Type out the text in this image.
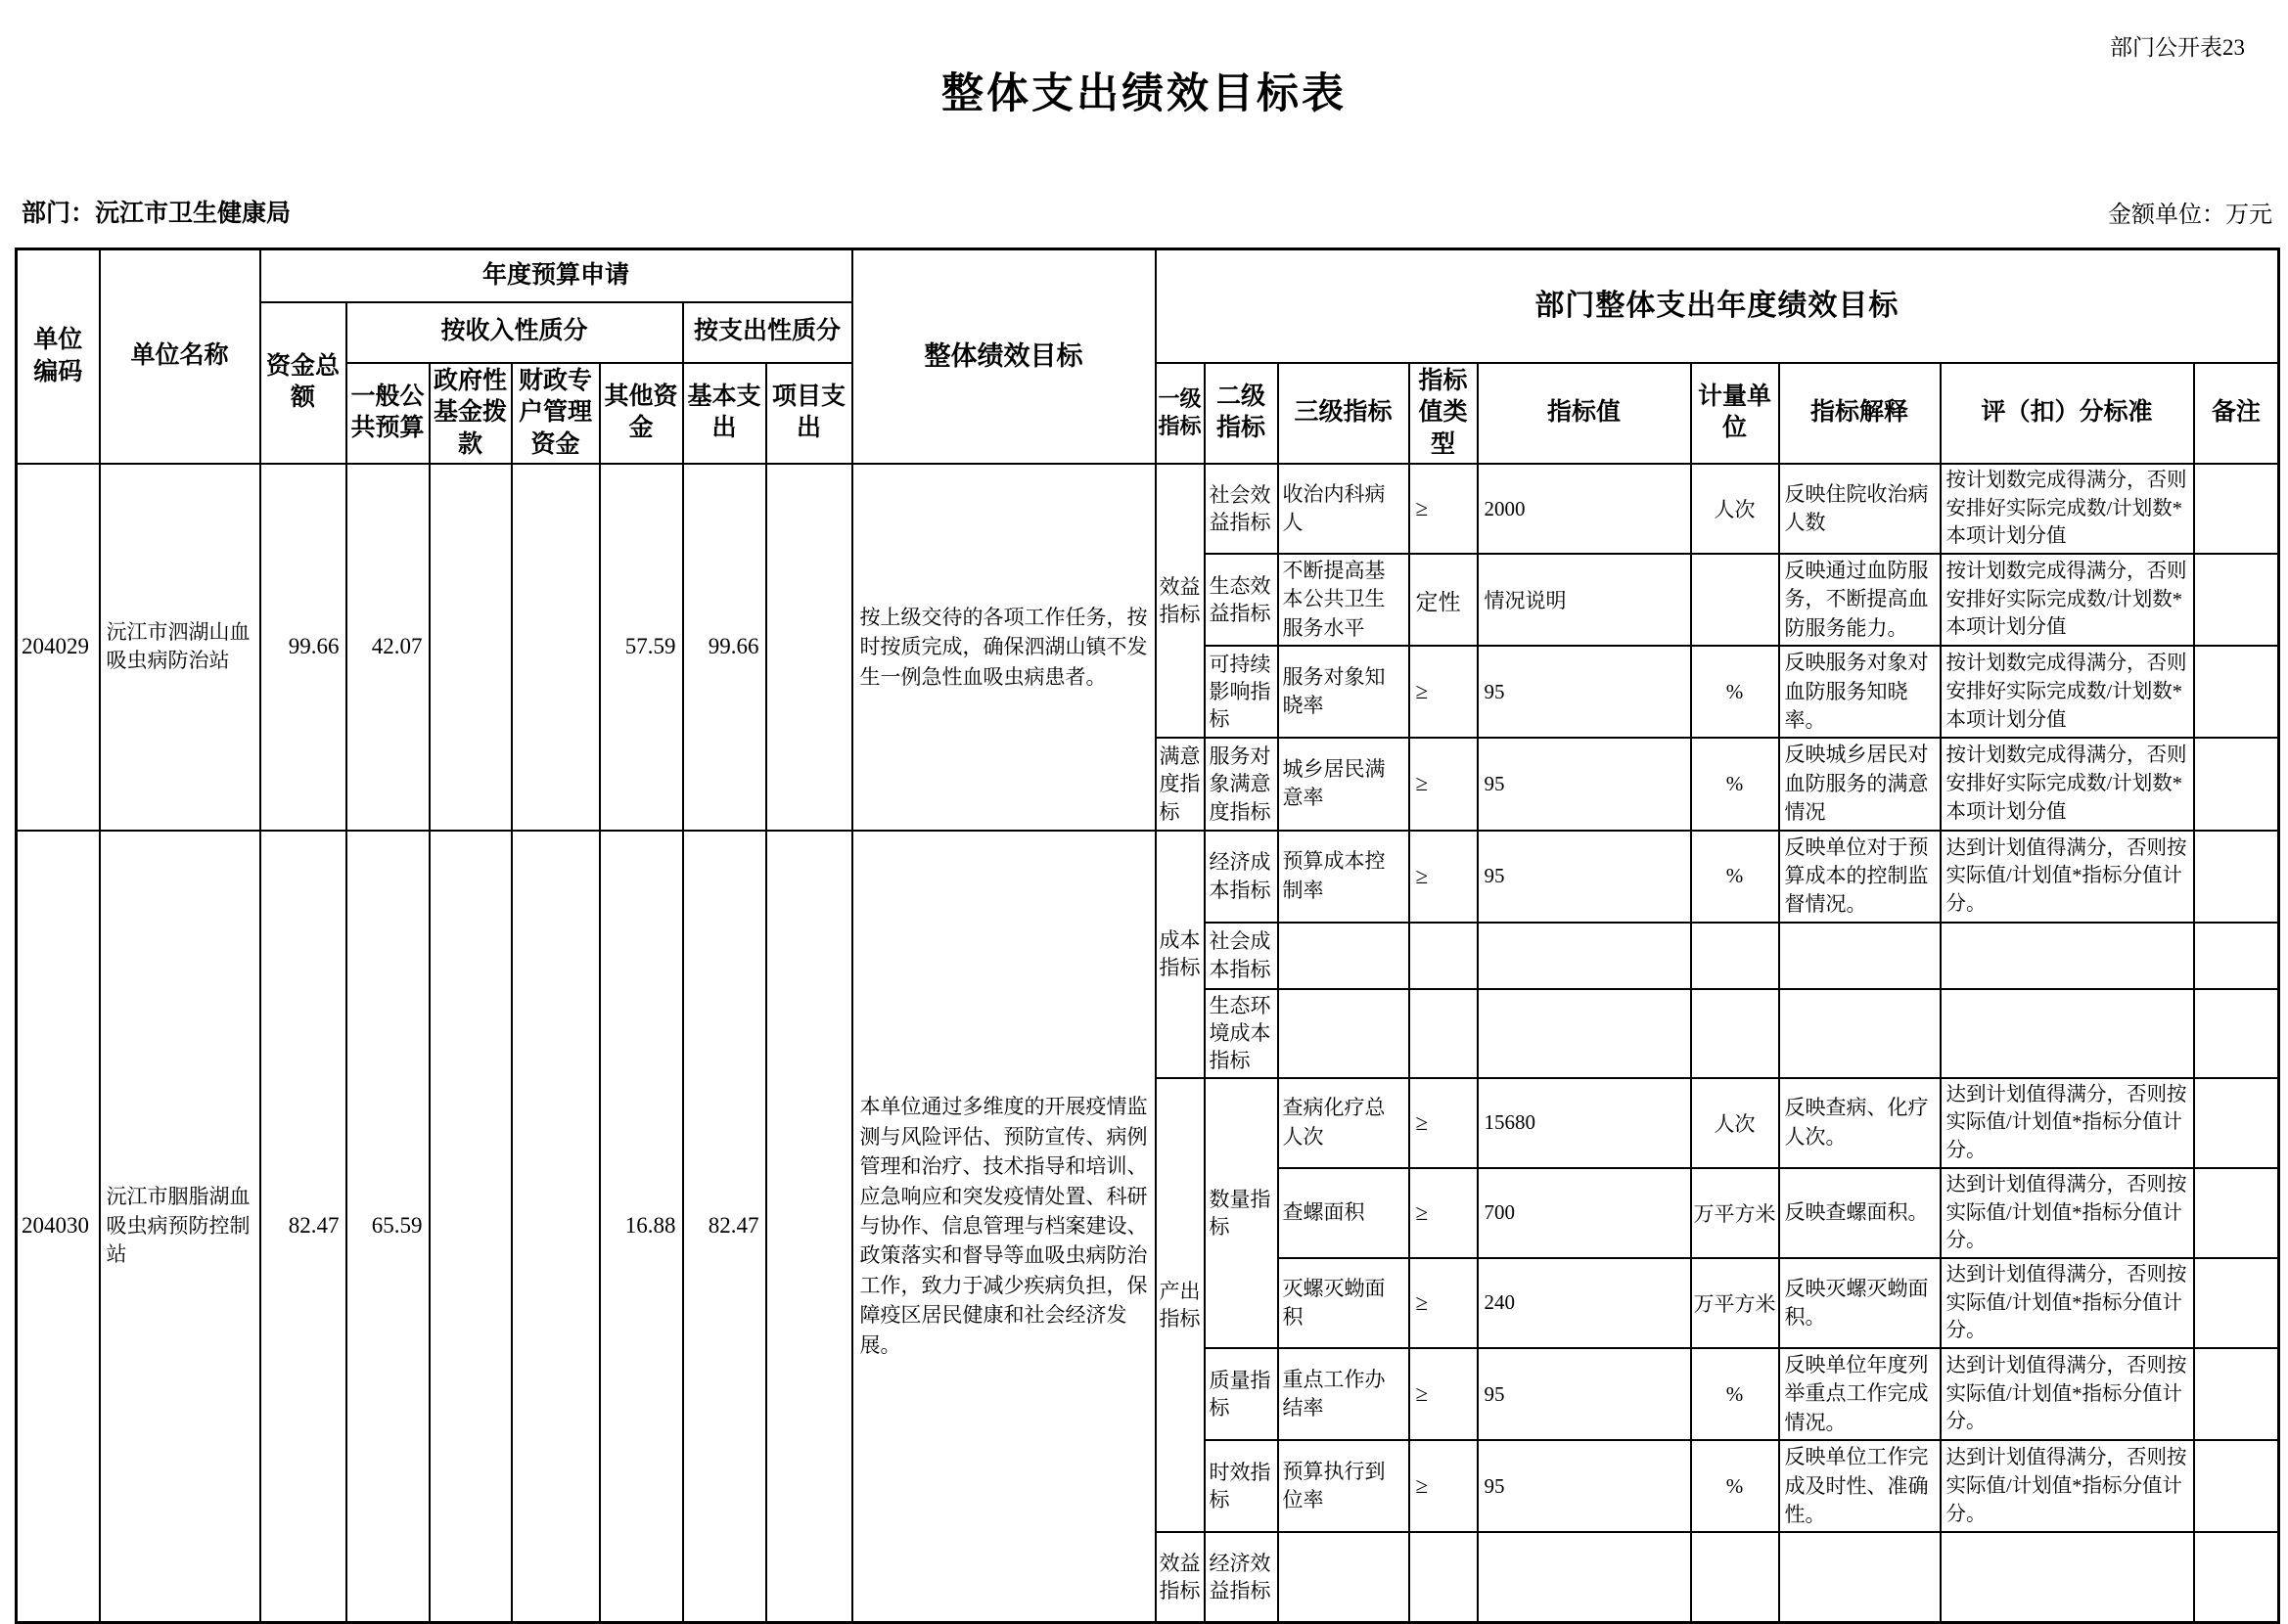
部门公开表23
整体支出绩效目标表
部门：沅江市卫生健康局	金额单位：万元
单位编码	单位名称	年度预算申请							整体绩效目标	部门整体支出年度绩效目标								
		资金总额	按收入性质分				按支出性质分											
			一般公共预算	政府性基金拨款	财政专户管理资金	其他资金	基本支出	项目支出		一级指标	二级指标	三级指标	指标值类型	指标值	计量单位	指标解释	评（扣）分标准	备注
204029	沅江市泗湖山血吸虫病防治站	99.66	42.07			57.59	99.66		按上级交待的各项工作任务，按时按质完成，确保泗湖山镇不发生一例急性血吸虫病患者。	效益指标	社会效益指标	收治内科病人	≥	2000	人次	反映住院收治病人数	按计划数完成得满分，否则安排好实际完成数/计划数*本项计划分值	
											生态效益指标	不断提高基本公共卫生服务水平	定性	情况说明		反映通过血防服务，不断提高血防服务能力。	按计划数完成得满分，否则安排好实际完成数/计划数*本项计划分值	
											可持续影响指标	服务对象知晓率	≥	95	%	反映服务对象对血防服务知晓率。	按计划数完成得满分，否则安排好实际完成数/计划数*本项计划分值	
										满意度指标	服务对象满意度指标	城乡居民满意率	≥	95	%	反映城乡居民对血防服务的满意情况	按计划数完成得满分，否则安排好实际完成数/计划数*本项计划分值	
204030	沅江市胭脂湖血吸虫病预防控制站	82.47	65.59			16.88	82.47		本单位通过多维度的开展疫情监测与风险评估、预防宣传、病例管理和治疗、技术指导和培训、应急响应和突发疫情处置、科研与协作、信息管理与档案建设、政策落实和督导等血吸虫病防治工作，致力于减少疾病负担，保障疫区居民健康和社会经济发展。	成本指标	经济成本指标	预算成本控制率	≥	95	%	反映单位对于预算成本的控制监督情况。	达到计划值得满分，否则按实际值/计划值*指标分值计分。	
											社会成本指标							
											生态环境成本指标							
										产出指标	数量指标	查病化疗总人次	≥	15680	人次	反映查病、化疗人次。	达到计划值得满分，否则按实际值/计划值*指标分值计分。	
												查螺面积	≥	700	万平方米	反映查螺面积。	达到计划值得满分，否则按实际值/计划值*指标分值计分。	
												灭螺灭蚴面积	≥	240	万平方米	反映灭螺灭蚴面积。	达到计划值得满分，否则按实际值/计划值*指标分值计分。	
											质量指标	重点工作办结率	≥	95	%	反映单位年度列举重点工作完成情况。	达到计划值得满分，否则按实际值/计划值*指标分值计分。	
											时效指标	预算执行到位率	≥	95	%	反映单位工作完成及时性、准确性。	达到计划值得满分，否则按实际值/计划值*指标分值计分。	
										效益指标	经济效益指标							
